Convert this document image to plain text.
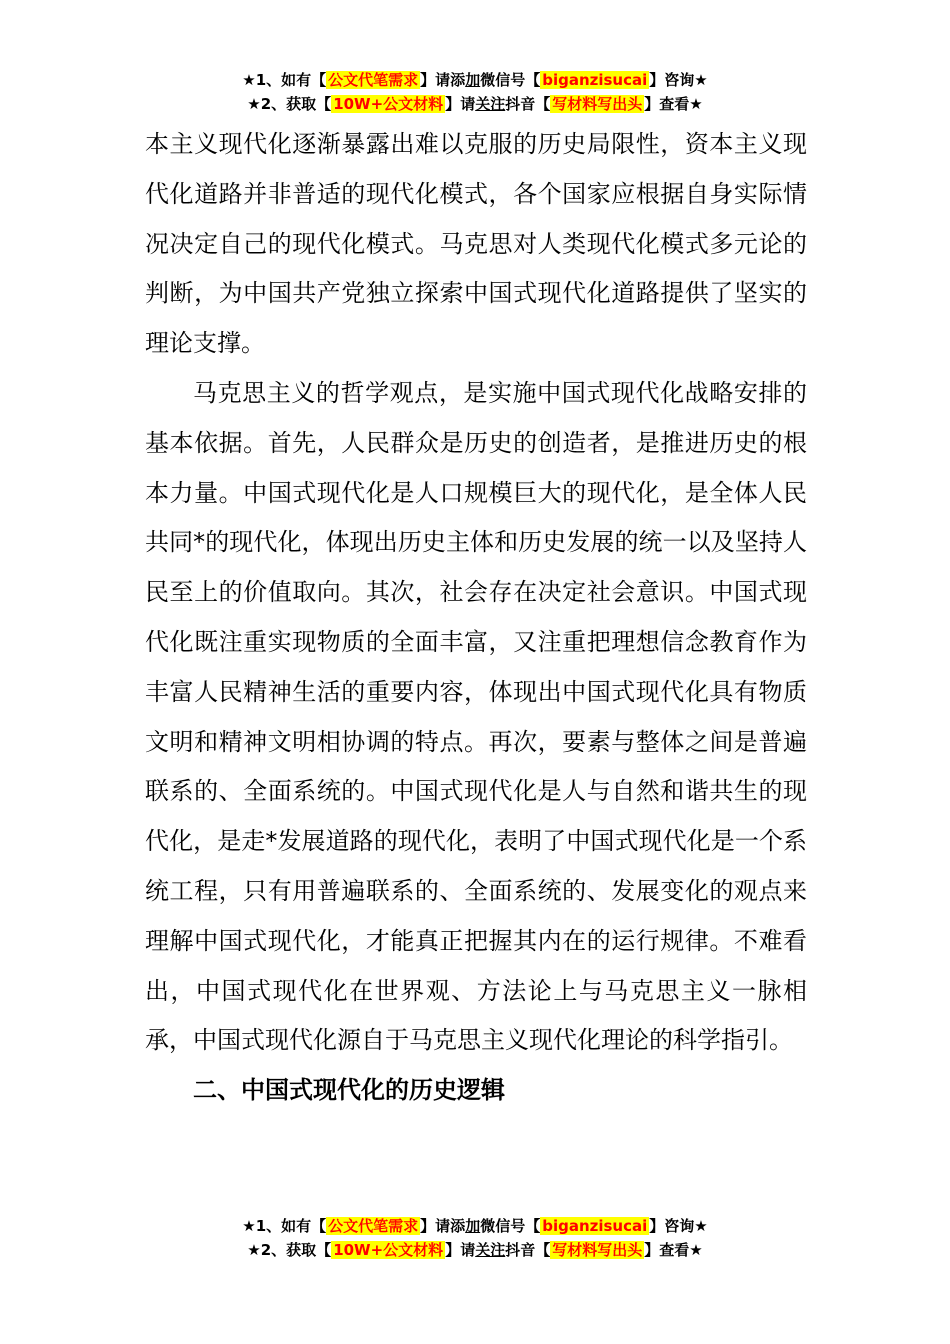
★1、如有【 公文代笔需求 】请添加微信号【 biganzisucai 】咨询★
★2、获取【 10W+公文材料 】请关注抖音【 写材料写出头 】查看★

本主义现代化逐渐暴露出难以克服的历史局限性，资本主义现代化道路并非普适的现代化模式，各个国家应根据自身实际情况决定自己的现代化模式。马克思对人类现代化模式多元论的判断，为中国共产党独立探索中国式现代化道路提供了坚实的理论支撑。

马克思主义的哲学观点，是实施中国式现代化战略安排的基本依据。首先，人民群众是历史的创造者，是推进历史的根本力量。中国式现代化是人口规模巨大的现代化，是全体人民共同*的现代化，体现出历史主体和历史发展的统一以及坚持人民至上的价值取向。其次，社会存在决定社会意识。中国式现代化既注重实现物质的全面丰富，又注重把理想信念教育作为丰富人民精神生活的重要内容，体现出中国式现代化具有物质文明和精神文明相协调的特点。再次，要素与整体之间是普遍联系的、全面系统的。中国式现代化是人与自然和谐共生的现代化，是走*发展道路的现代化，表明了中国式现代化是一个系统工程，只有用普遍联系的、全面系统的、发展变化的观点来理解中国式现代化，才能真正把握其内在的运行规律。不难看出，中国式现代化在世界观、方法论上与马克思主义一脉相承，中国式现代化源自于马克思主义现代化理论的科学指引。

二、中国式现代化的历史逻辑

★1、如有【 公文代笔需求 】请添加微信号【 biganzisucai 】咨询★
★2、获取【 10W+公文材料 】请关注抖音【 写材料写出头 】查看★
